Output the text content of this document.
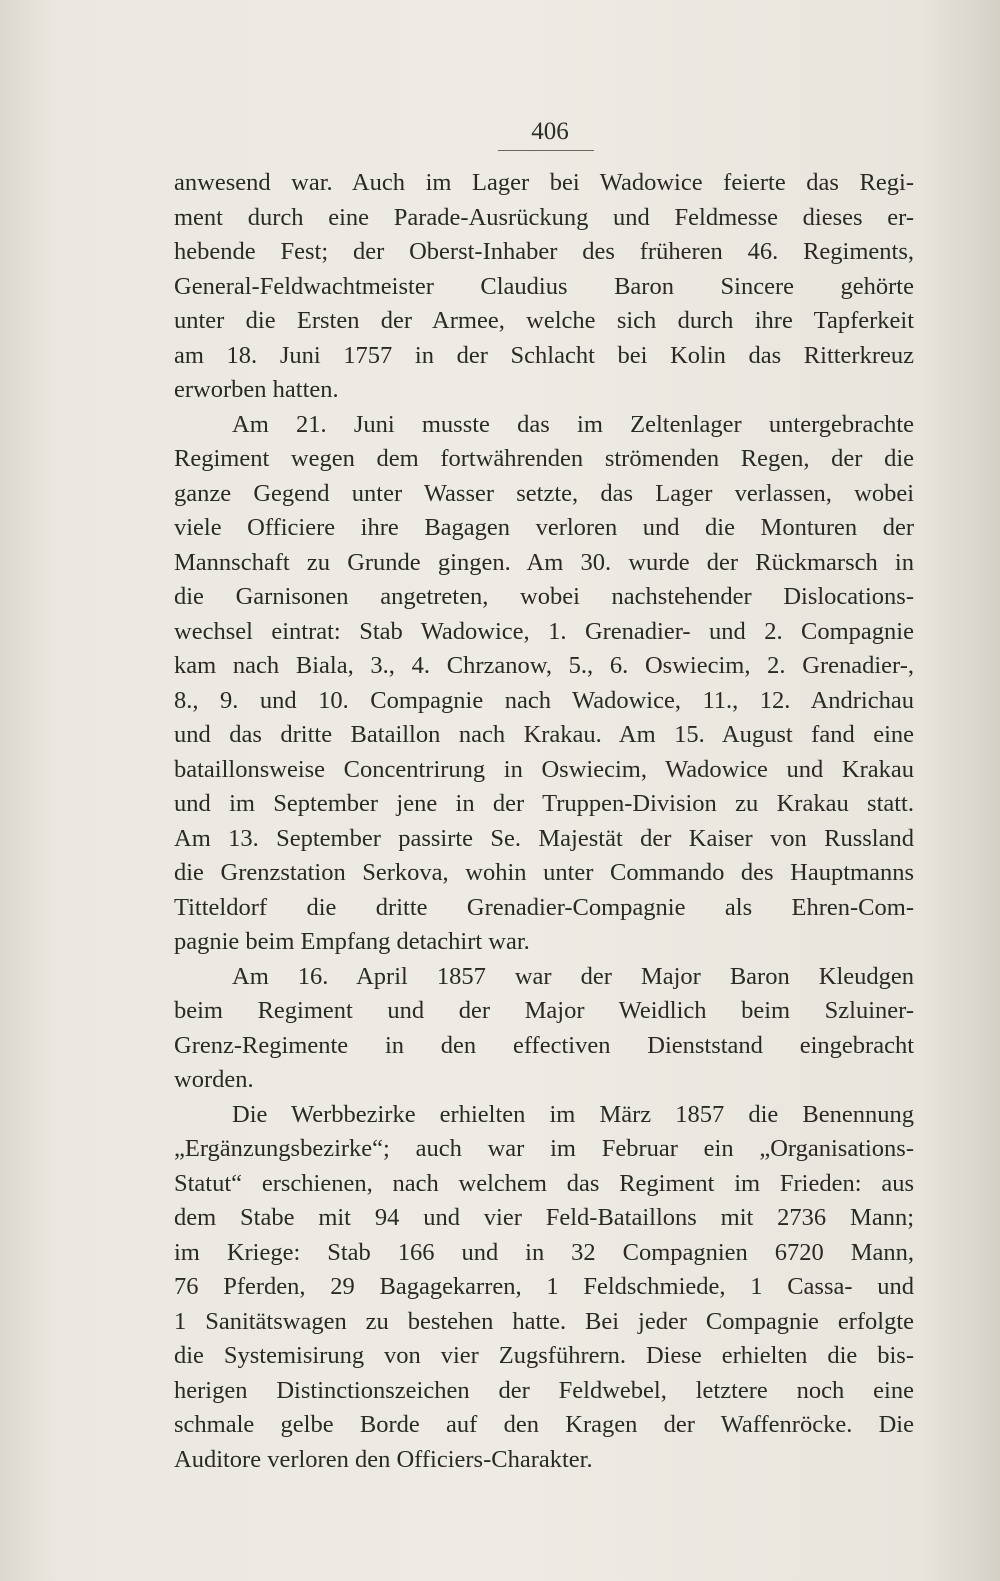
406
anwesend war. Auch im Lager bei Wadowice feierte das Regi-
ment durch eine Parade-Ausrückung und Feldmesse dieses er-
hebende Fest; der Oberst-Inhaber des früheren 46. Regiments,
General-Feldwachtmeister Claudius Baron Sincere gehörte
unter die Ersten der Armee, welche sich durch ihre Tapferkeit
am 18. Juni 1757 in der Schlacht bei Kolin das Ritterkreuz
erworben hatten.
Am 21. Juni musste das im Zeltenlager untergebrachte
Regiment wegen dem fortwährenden strömenden Regen, der die
ganze Gegend unter Wasser setzte, das Lager verlassen, wobei
viele Officiere ihre Bagagen verloren und die Monturen der
Mannschaft zu Grunde gingen. Am 30. wurde der Rückmarsch in
die Garnisonen angetreten, wobei nachstehender Dislocations-
wechsel eintrat: Stab Wadowice, 1. Grenadier- und 2. Compagnie
kam nach Biala, 3., 4. Chrzanow, 5., 6. Oswiecim, 2. Grenadier-,
8., 9. und 10. Compagnie nach Wadowice, 11., 12. Andrichau
und das dritte Bataillon nach Krakau. Am 15. August fand eine
bataillonsweise Concentrirung in Oswiecim, Wadowice und Krakau
und im September jene in der Truppen-Division zu Krakau statt.
Am 13. September passirte Se. Majestät der Kaiser von Russland
die Grenzstation Serkova, wohin unter Commando des Hauptmanns
Titteldorf die dritte Grenadier-Compagnie als Ehren-Com-
pagnie beim Empfang detachirt war.
Am 16. April 1857 war der Major Baron Kleudgen
beim Regiment und der Major Weidlich beim Szluiner-
Grenz-Regimente in den effectiven Dienststand eingebracht
worden.
Die Werbbezirke erhielten im März 1857 die Benennung
„Ergänzungsbezirke“; auch war im Februar ein „Organisations-
Statut“ erschienen, nach welchem das Regiment im Frieden: aus
dem Stabe mit 94 und vier Feld-Bataillons mit 2736 Mann;
im Kriege: Stab 166 und in 32 Compagnien 6720 Mann,
76 Pferden, 29 Bagagekarren, 1 Feldschmiede, 1 Cassa- und
1 Sanitätswagen zu bestehen hatte. Bei jeder Compagnie erfolgte
die Systemisirung von vier Zugsführern. Diese erhielten die bis-
herigen Distinctionszeichen der Feldwebel, letztere noch eine
schmale gelbe Borde auf den Kragen der Waffenröcke. Die
Auditore verloren den Officiers-Charakter.
